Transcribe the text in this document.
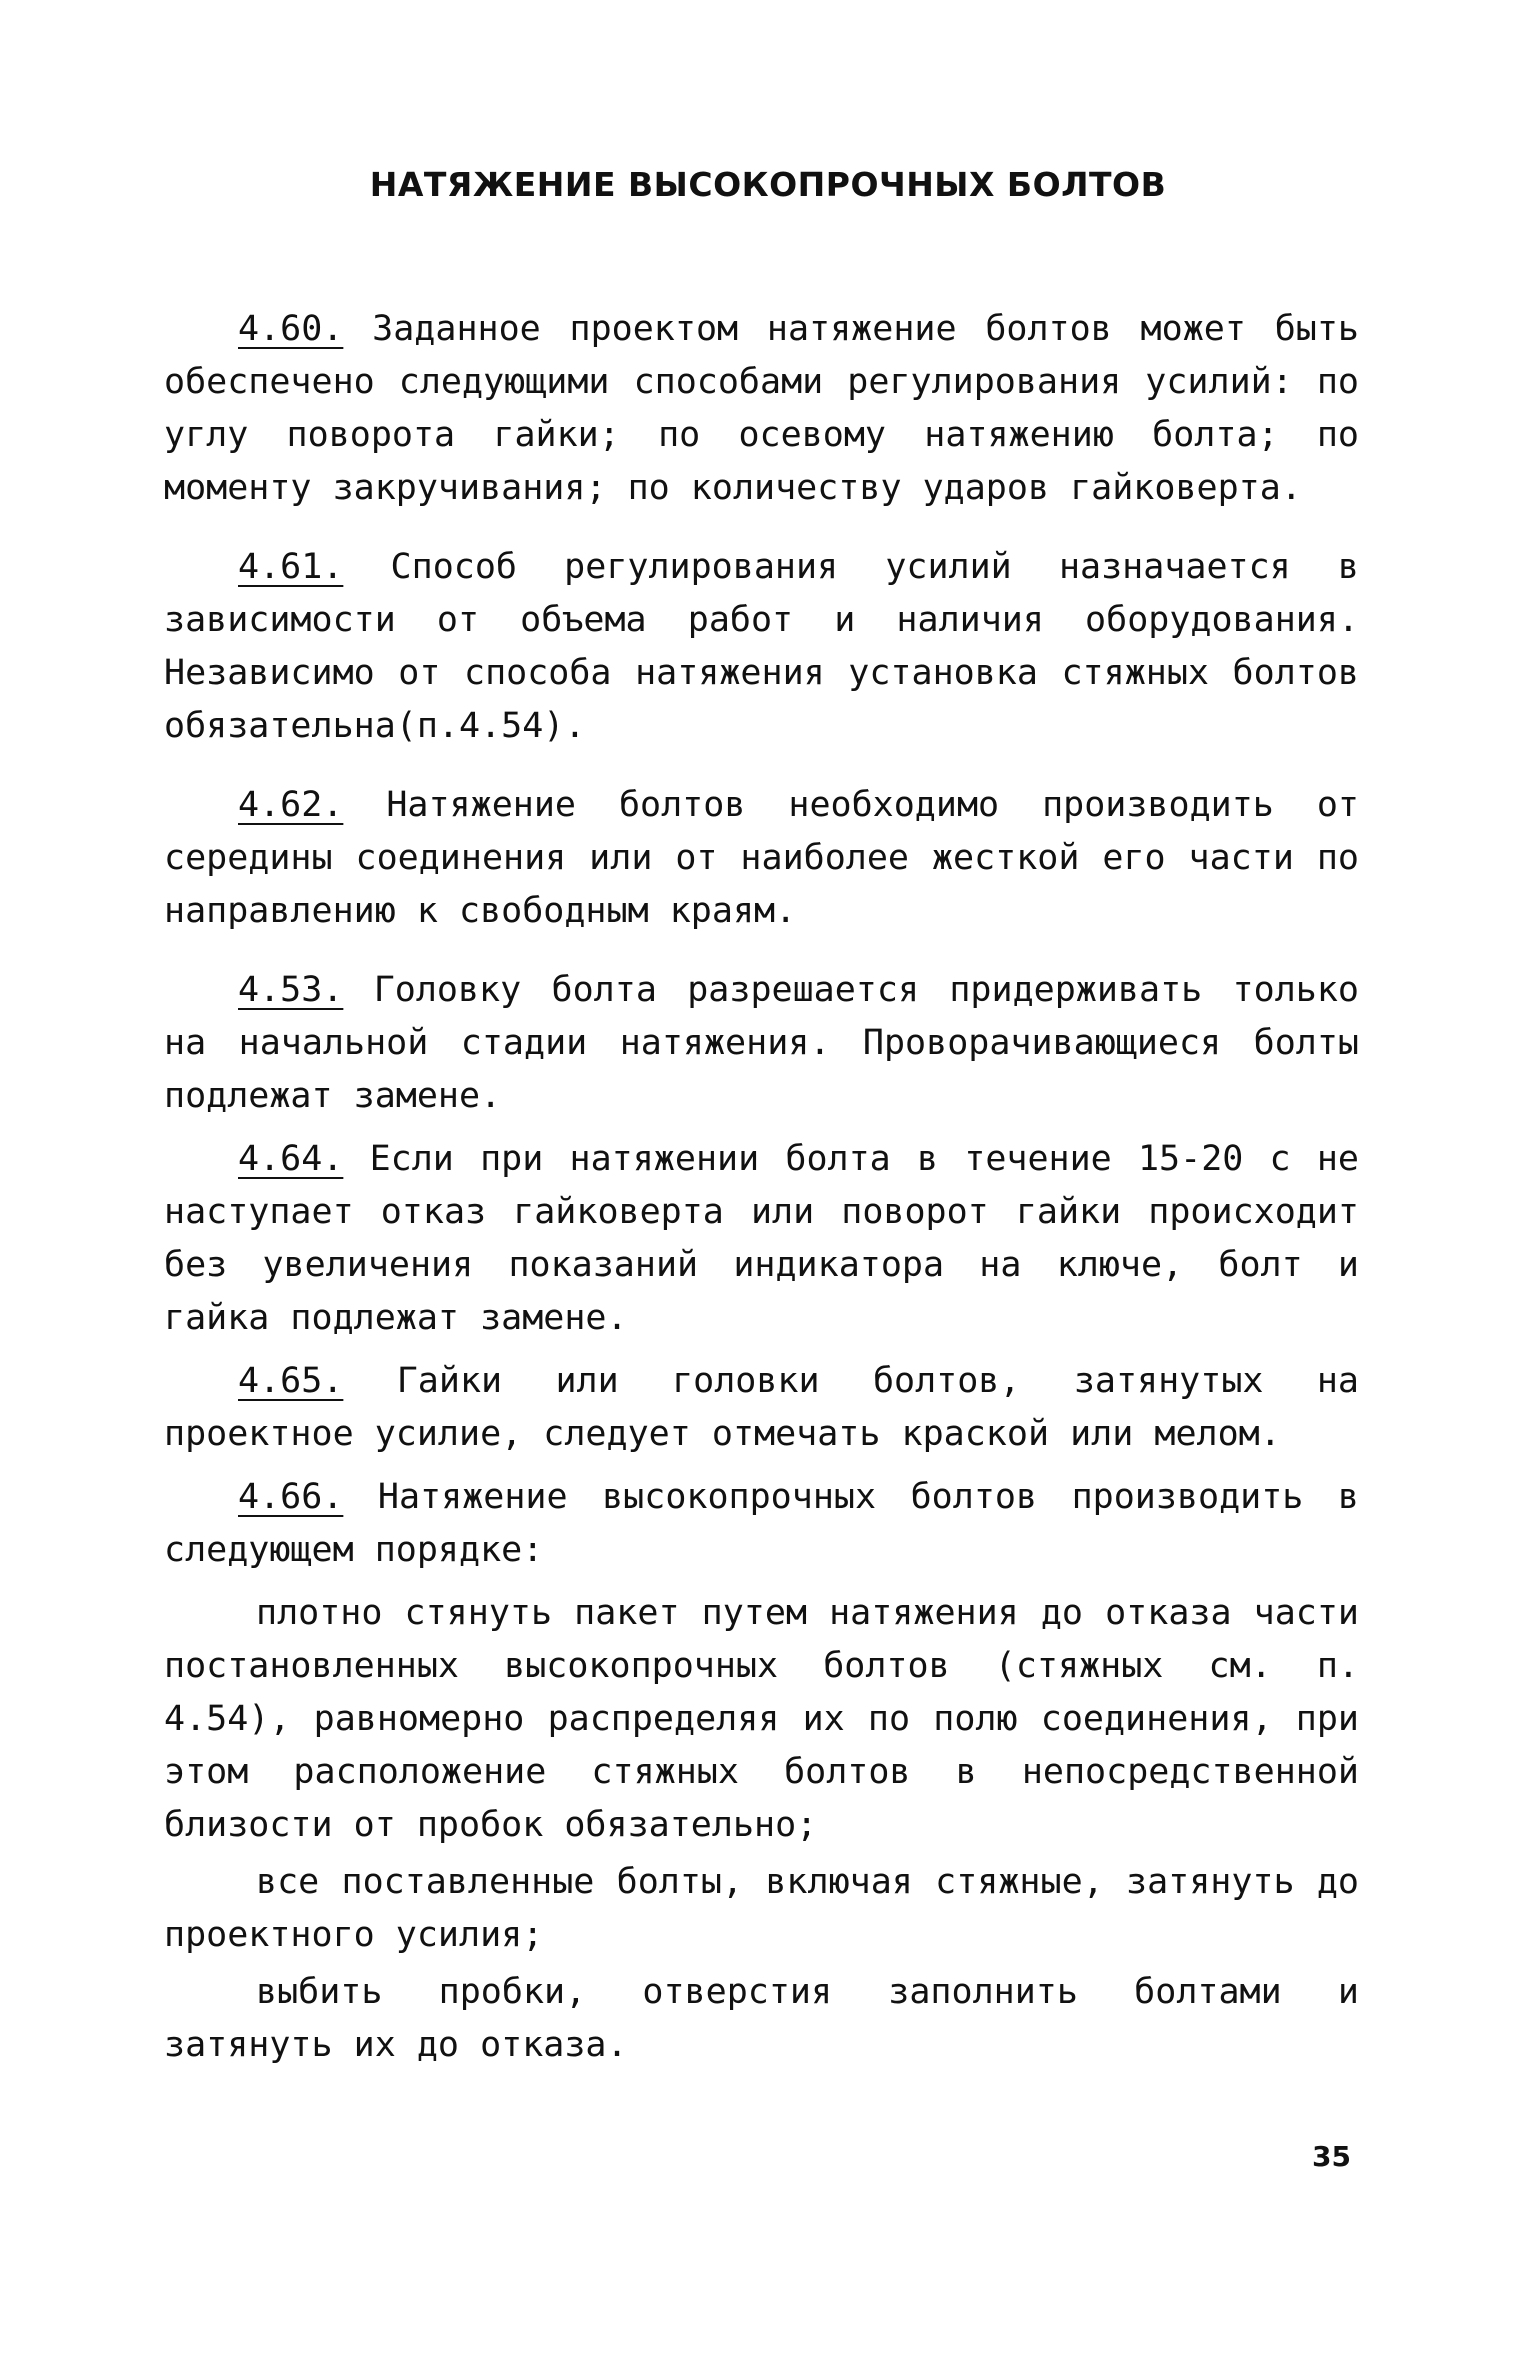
НАТЯЖЕНИЕ ВЫСОКОПРОЧНЫХ БОЛТОВ

4.60. Заданное проектом натяжение болтов может быть обеспечено следующими способами регулирования усилий: по углу поворота гайки; по осевому натяжению болта; по моменту закручивания; по количеству ударов гайковерта.

4.61. Способ регулирования усилий назначается в зависимости от объема работ и наличия оборудования. Независимо от способа натяжения установка стяжных болтов обязательна(п.4.54).

4.62. Натяжение болтов необходимо производить от середины соединения или от наиболее жесткой его части по направлению к свободным краям.

4.53. Головку болта разрешается придерживать только на начальной стадии натяжения. Проворачивающиеся болты подлежат замене.

4.64. Если при натяжении болта в течение 15-20 с не наступает отказ гайковерта или поворот гайки происходит без увеличения показаний индикатора на ключе, болт и гайка подлежат замене.

4.65. Гайки или головки болтов, затянутых на проектное усилие, следует отмечать краской или мелом.

4.66. Натяжение высокопрочных болтов производить в следующем порядке:

плотно стянуть пакет путем натяжения до отказа части постановленных высокопрочных болтов (стяжных см. п. 4.54), равномерно распределяя их по полю соединения, при этом расположение стяжных болтов в непосредственной близости от пробок обязательно;

все поставленные болты, включая стяжные, затянуть до проектного усилия;

выбить пробки, отверстия заполнить болтами и затянуть их до отказа.

35
